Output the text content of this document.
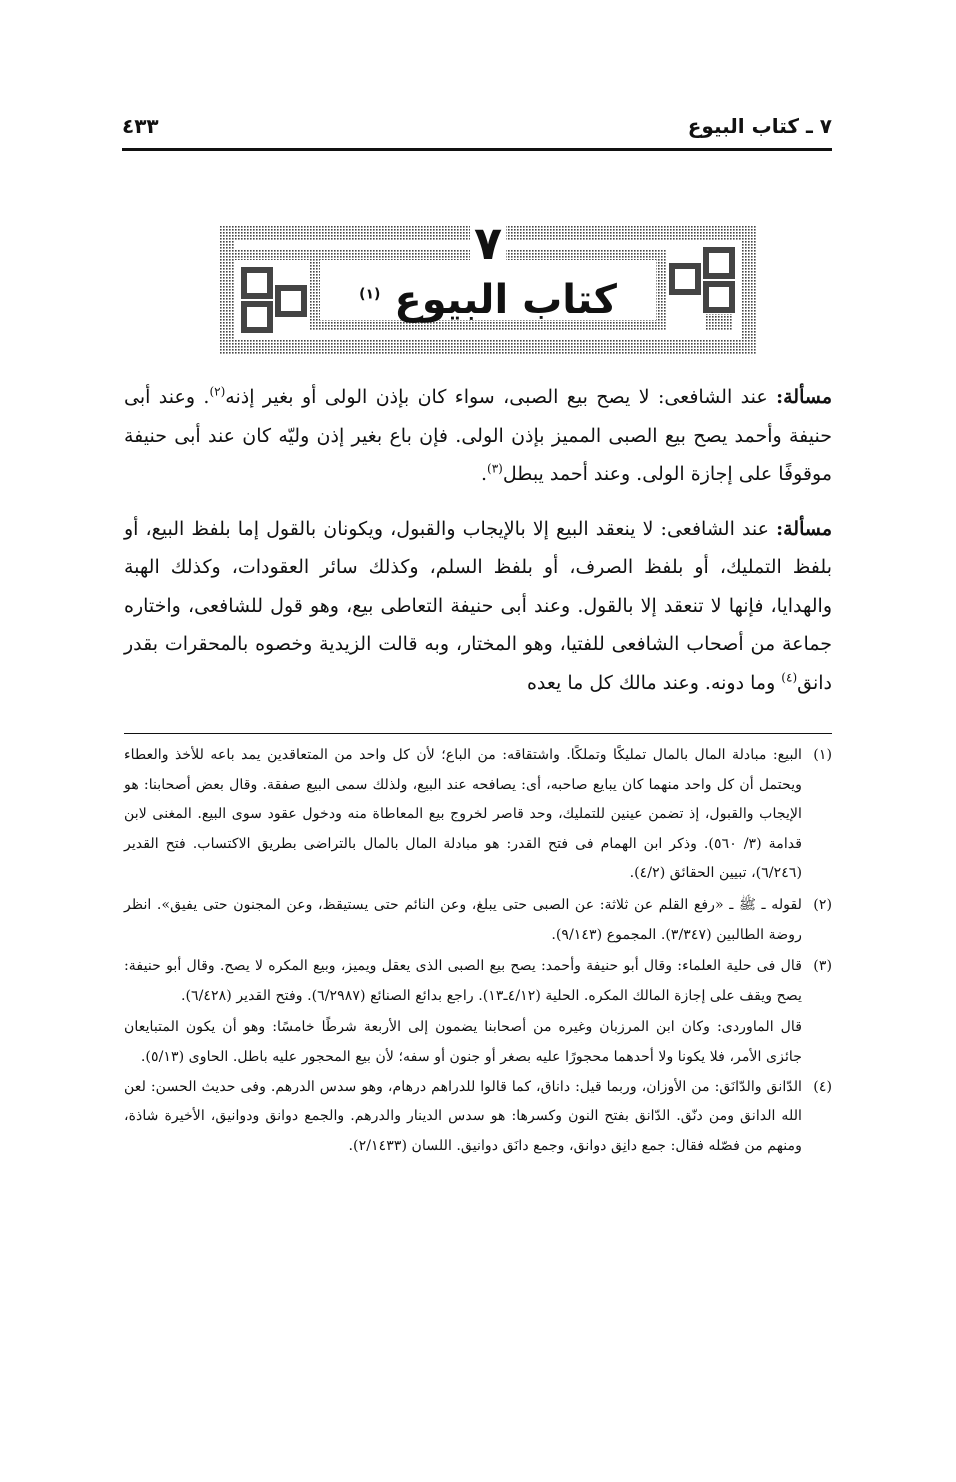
٧ ـ كتاب البيوع
٤٣٣
٧
كتاب البيوع $^{(١)}$

مسألة: عند الشافعى: لا يصح بيع الصبى، سواء كان بإذن الولى أو بغير إذنه$^{(٢)}$. وعند أبى حنيفة وأحمد يصح بيع الصبى المميز بإذن الولى. فإن باع بغير إذن وليّه كان عند أبى حنيفة موقوفًا على إجازة الولى. وعند أحمد يبطل$^{(٣)}$.

مسألة: عند الشافعى: لا ينعقد البيع إلا بالإيجاب والقبول، ويكونان بالقول إما بلفظ البيع، أو بلفظ التمليك، أو بلفظ الصرف، أو بلفظ السلم، وكذلك سائر العقودات، وكذلك الهبة والهدايا، فإنها لا تنعقد إلا بالقول. وعند أبى حنيفة التعاطى بيع، وهو قول للشافعى، واختاره جماعة من أصحاب الشافعى للفتيا، وهو المختار، وبه قالت الزيدية وخصوه بالمحقرات بقدر دانق$^{(٤)}$ وما دونه. وعند مالك كل ما يعده

(١)
البيع: مبادلة المال بالمال تمليكًا وتملكًا. واشتقاقه: من الباع؛ لأن كل واحد من المتعاقدين يمد باعه للأخذ والعطاء ويحتمل أن كل واحد منهما كان يبايع صاحبه، أى: يصافحه عند البيع، ولذلك سمى البيع صفقة. وقال بعض أصحابنا: هو الإيجاب والقبول، إذ تضمن عينين للتمليك، وحد قاصر لخروج بيع المعاطاة منه ودخول عقود سوى البيع. المغنى لابن قدامة (٣/ ٥٦٠). وذكر ابن الهمام فى فتح القدر: هو مبادلة المال بالمال بالتراضى بطريق الاكتساب. فتح القدير (٦/٢٤٦)، تبيين الحقائق (٤/٢).
(٢)
لقوله ـ ﷺ ـ «رفع القلم عن ثلاثة: عن الصبى حتى يبلغ، وعن النائم حتى يستيقظ، وعن المجنون حتى يفيق». انظر روضة الطالبين (٣/٣٤٧). المجموع (٩/١٤٣).
(٣)
قال فى حلية العلماء: وقال أبو حنيفة وأحمد: يصح بيع الصبى الذى يعقل ويميز، وبيع المكره لا يصح. وقال أبو حنيفة: يصح ويقف على إجازة المالك المكره. الحلية (٤/١٢ـ١٣). راجع بدائع الصنائع (٦/٢٩٨٧). وفتح القدير (٦/٤٢٨).

قال الماوردى: وكان ابن المرزبان وغيره من أصحابنا يضمون إلى الأربعة شرطًا خامسًا: وهو أن يكون المتبايعان جائزى الأمر، فلا يكونا ولا أحدهما محجورًا عليه بصغر أو جنون أو سفه؛ لأن بيع المحجور عليه باطل. الحاوى (٥/١٣).

(٤)
الدّانق والدّانَق: من الأوزان، وربما قيل: داناق، كما قالوا للدراهم درهام، وهو سدس الدرهم. وفى حديث الحسن: لعن الله الدانق ومن دنّق. الدّانق بفتح النون وكسرها: هو سدس الدينار والدرهم. والجمع دوانق ودوانيق، الأخيرة شاذة، ومنهم من فصّله فقال: جمع دانِق دوانق، وجمع دانَق دوانيق. اللسان (٢/١٤٣٣).
